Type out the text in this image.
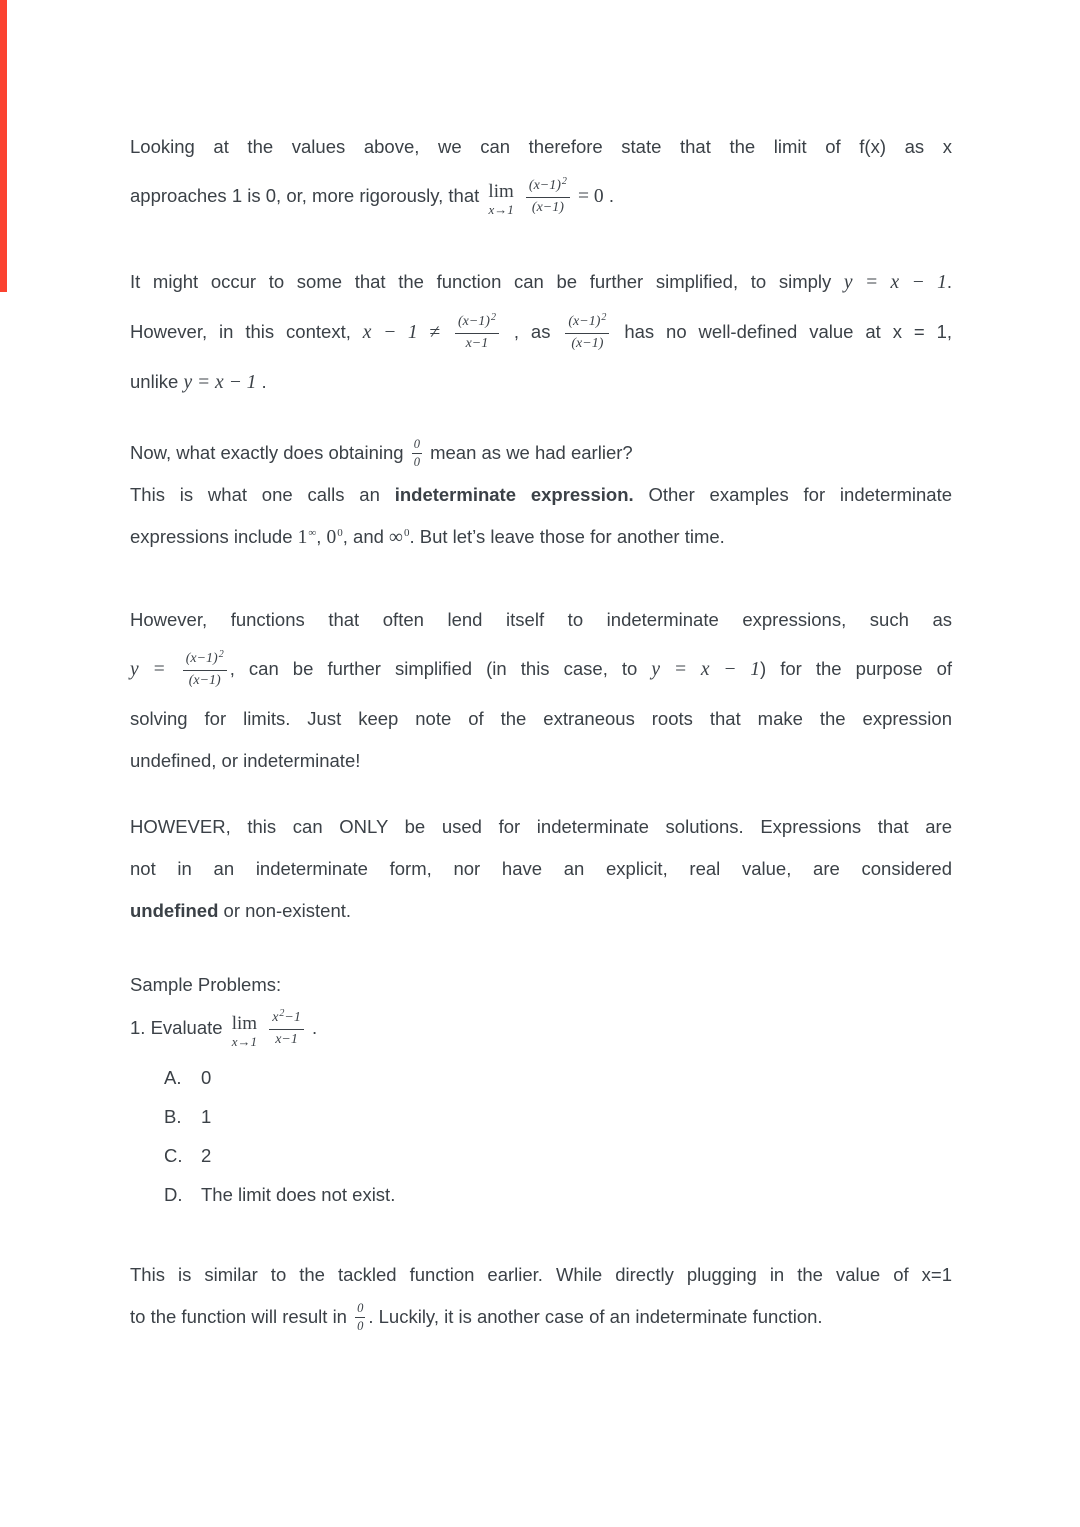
Looking at the values above, we can therefore state that the limit of f(x) as x
approaches 1 is 0, or, more rigorously, that lim
x→1
$\frac{(x-1)^2}{(x-1)} = 0$ .
It might occur to some that the function can be further simplified, to simply y = x − 1.
However, in this context, $x - 1 \ne \frac{(x-1)^2}{x-1}$ , as $\frac{(x-1)^2}{(x-1)}$ has no well-defined value at x = 1,
unlike y = x − 1 .
Now, what exactly does obtaining $\frac{0}{0}$ mean as we had earlier?
This is what one calls an indeterminate expression. Other examples for indeterminate
expressions include 1∞, $0^0$, and ∞$^0$. But let’s leave those for another time.
However, functions that often lend itself to indeterminate expressions, such as
$y = \frac{(x-1)^2}{(x-1)}$ , can be further simplified (in this case, to y = x − 1) for the purpose of
solving for limits. Just keep note of the extraneous roots that make the expression
undefined, or indeterminate!
HOWEVER, this can ONLY be used for indeterminate solutions. Expressions that are
not in an indeterminate form, nor have an explicit, real value, are considered
undefined or non-existent.
Sample Problems:
1. Evaluate lim
x→1
$\frac{x^2-1}{x-1}$ .
A. 0
B. 1
C. 2
D. The limit does not exist.
This is similar to the tackled function earlier. While directly plugging in the value of x=1
to the function will result in $\frac{0}{0}$ . Luckily, it is another case of an indeterminate function.
